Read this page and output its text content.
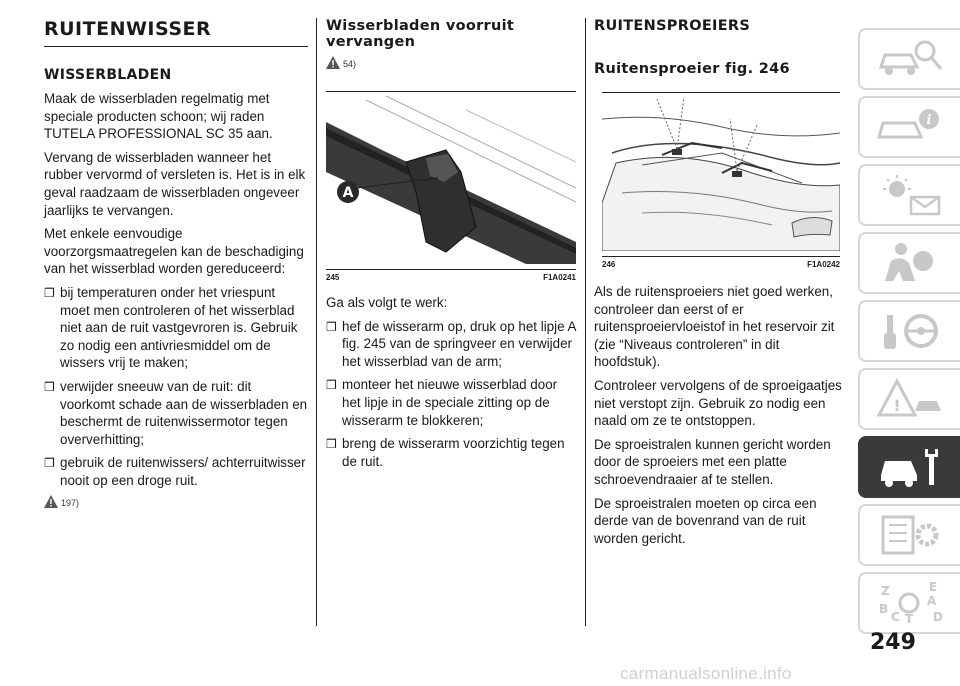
RUITENWISSER
WISSERBLADEN

Maak de wisserbladen regelmatig met speciale producten schoon; wij raden TUTELA PROFESSIONAL SC 35 aan.

Vervang de wisserbladen wanneer het rubber vervormd of versleten is. Het is in elk geval raadzaam de wisserbladen ongeveer jaarlijks te vervangen.

Met enkele eenvoudige voorzorgsmaatregelen kan de beschadiging van het wisserblad worden gereduceerd:

❒ bij temperaturen onder het vriespunt moet men controleren of het wisserblad niet aan de ruit vastgevroren is. Gebruik zo nodig een antivriesmiddel om de wissers vrij te maken;
❒ verwijder sneeuw van de ruit: dit voorkomt schade aan de wisserbladen en beschermt de ruitenwissermotor tegen oververhitting;
❒ gebruik de ruitenwissers/ achterruitwisser nooit op een droge ruit.
197)
Wisserbladen voorruit vervangen
54)
A
245	F1A0241

Ga als volgt te werk:

❒ hef de wisserarm op, druk op het lipje A fig. 245 van de springveer en verwijder het wisserblad van de arm;
❒ monteer het nieuwe wisserblad door het lipje in de speciale zitting op de wisserarm te blokkeren;
❒ breng de wisserarm voorzichtig tegen de ruit.
RUITENSPROEIERS
Ruitensproeier fig. 246
246	F1A0242

Als de ruitensproeiers niet goed werken, controleer dan eerst of er ruitensproeiervloeistof in het reservoir zit (zie “Niveaus controleren” in dit hoofdstuk).

Controleer vervolgens of de sproeigaatjes niet verstopt zijn. Gebruik zo nodig een naald om ze te ontstoppen.

De sproeistralen kunnen gericht worden door de sproeiers met een platte schroevendraaier af te stellen.

De sproeistralen moeten op circa een derde van de bovenrand van de ruit worden gericht.

i
!
Z	E
A
B
C T D
249
carmanualsonline.info
